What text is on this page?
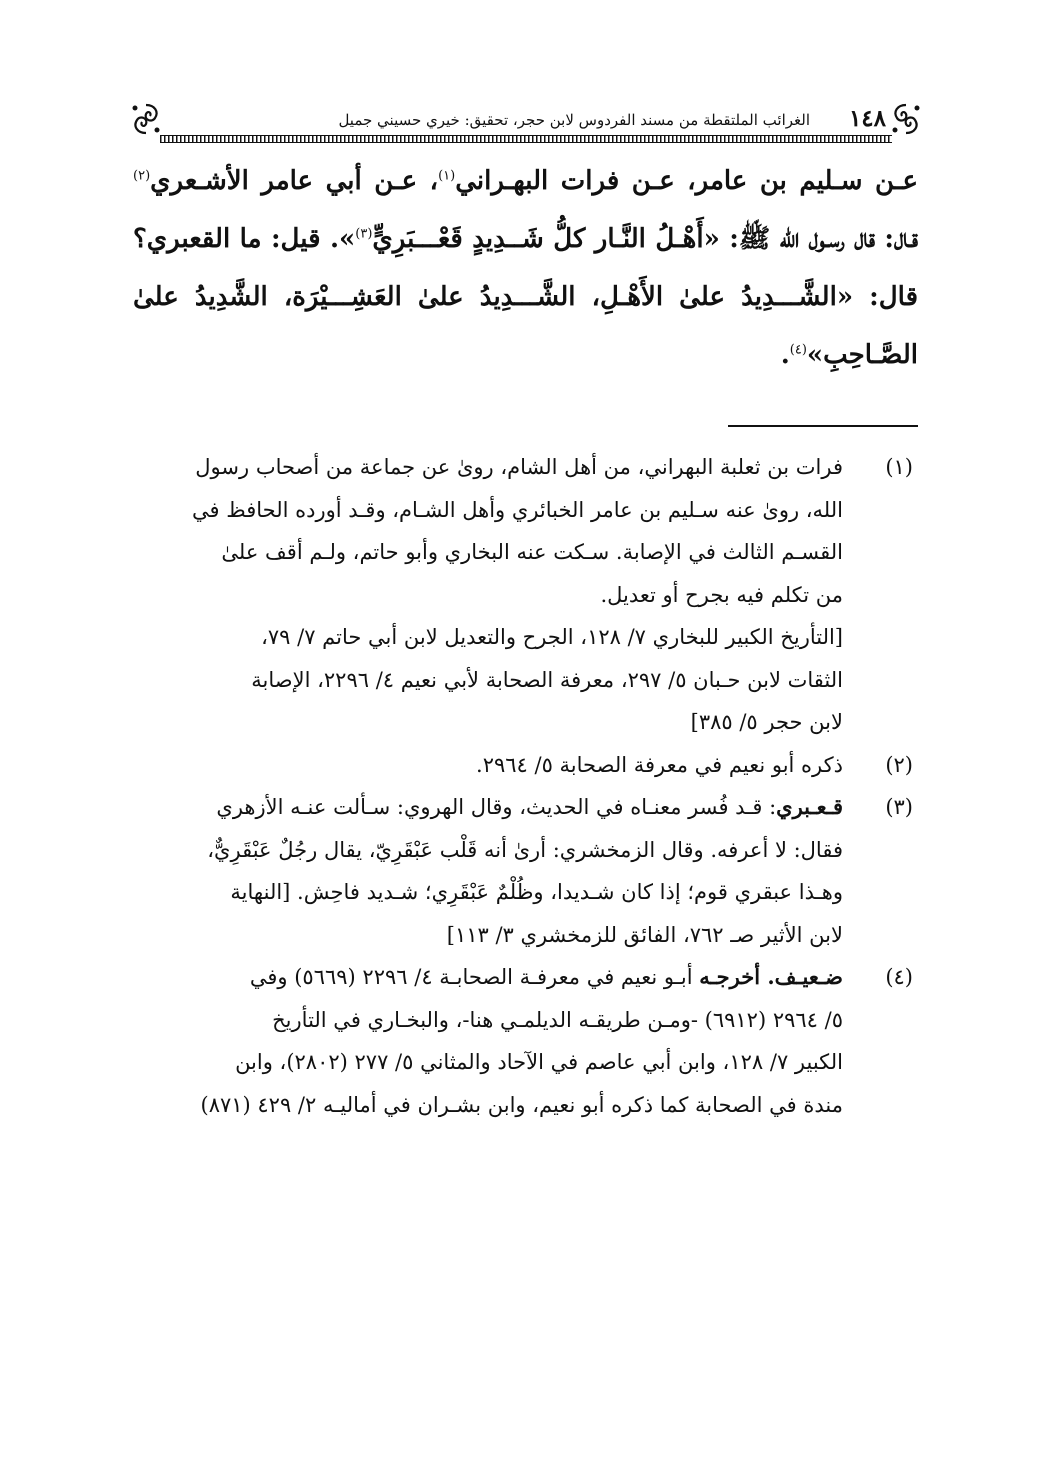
١٤٨
الغرائب الملتقطة من مسند الفردوس لابن حجر، تحقيق: خيري حسيني جميل

عـن سـليم بن عامر، عـن فرات البهـراني$^{(١)}$، عـن أبي عامر الأشـعري$^{(٢)}$ قـال: قال رسـول الله ﷺ: «أَهْـلُ النَّـار كلُّ شَــدِيدٍ قَعْـــبَرِيٍّ$^{(٣)}$». قيل: ما القعبري؟ قال: «الشَّـــدِيدُ علىٰ الأَهْـلِ، الشَّـــدِيدُ علىٰ العَشِـــيْرَة، الشَّدِيدُ علىٰ الصَّـاحِبِ»$^{(٤)}$.

(١)
فرات بن ثعلبة البهراني، من أهل الشام، روىٰ عن جماعة من أصحاب رسول
الله، روىٰ عنه سـليم بن عامر الخبائري وأهل الشـام، وقـد أورده الحافظ في
القسـم الثالث في الإصابة. سـكت عنه البخاري وأبو حاتم، ولـم أقف علىٰ
من تكلم فيه بجرح أو تعديل.
[التأريخ الكبير للبخاري ٧/ ١٢٨، الجرح والتعديل لابن أبي حاتم ٧/ ٧٩،
الثقات لابن حـبان ٥/ ٢٩٧، معرفة الصحابة لأبي نعيم ٤/ ٢٢٩٦، الإصابة
لابن حجر ٥/ ٣٨٥]
(٢)
ذكره أبو نعيم في معرفة الصحابة ٥/ ٢٩٦٤.
(٣)
قـعـبري: قـد فُسر معنـاه في الحديث، وقال الهروي: سـألت عنـه الأزهري
فقال: لا أعرفه. وقال الزمخشري: أرىٰ أنه قَلْب عَبْقَرِيّ، يقال رجُلٌ عَبْقَرِيٌّ،
وهـذا عبقري قوم؛ إذا كان شـديدا، وظُلْمٌ عَبْقَرِي؛ شـديد فاحِش. [النهاية
لابن الأثير صـ ٧٦٢، الفائق للزمخشري ٣/ ١١٣]
(٤)
ضـعيـف. أخرجـه أبـو نعيم في معرفـة الصحابـة ٤/ ٢٢٩٦ (٥٦٦٩) وفي
٥/ ٢٩٦٤ (٦٩١٢) -ومـن طريقـه الديلمـي هنا-، والبخـاري في التأريخ
الكبير ٧/ ١٢٨، وابن أبي عاصم في الآحاد والمثاني ٥/ ٢٧٧ (٢٨٠٢)، وابن
مندة في الصحابة كما ذكره أبو نعيم، وابن بشـران في أماليـه ٢/ ٤٢٩ (٨٧١)
